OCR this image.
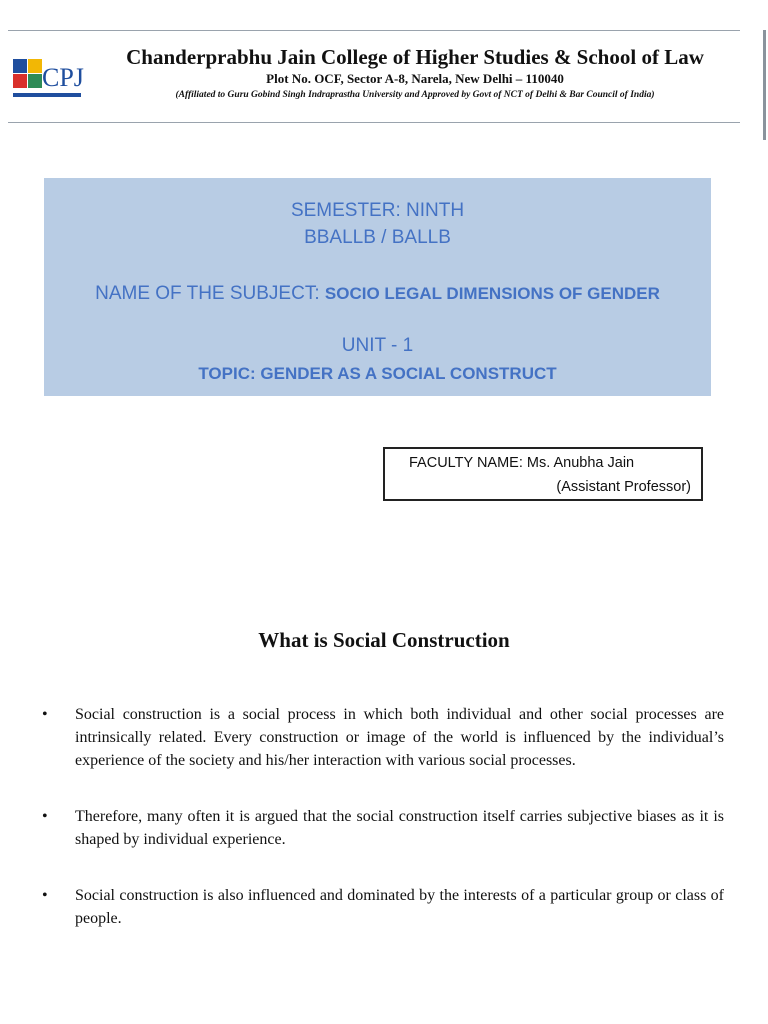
CPJ
Chanderprabhu Jain College of Higher Studies & School of Law
Plot No. OCF, Sector A-8, Narela, New Delhi – 110040
(Affiliated to Guru Gobind Singh Indraprastha University and Approved by Govt of NCT of Delhi & Bar Council of India)
SEMESTER: NINTH
BBALLB / BALLB
NAME OF THE SUBJECT: SOCIO LEGAL DIMENSIONS OF GENDER
UNIT - 1
TOPIC: GENDER AS A SOCIAL CONSTRUCT
FACULTY NAME: Ms. Anubha Jain
(Assistant Professor)
What is Social Construction
• Social construction is a social process in which both individual and other social processes are intrinsically related. Every construction or image of the world is influenced by the individual’s experience of the society and his/her interaction with various social processes.
• Therefore, many often it is argued that the social construction itself carries subjective biases as it is shaped by individual experience.
• Social construction is also influenced and dominated by the interests of a particular group or class of people.
